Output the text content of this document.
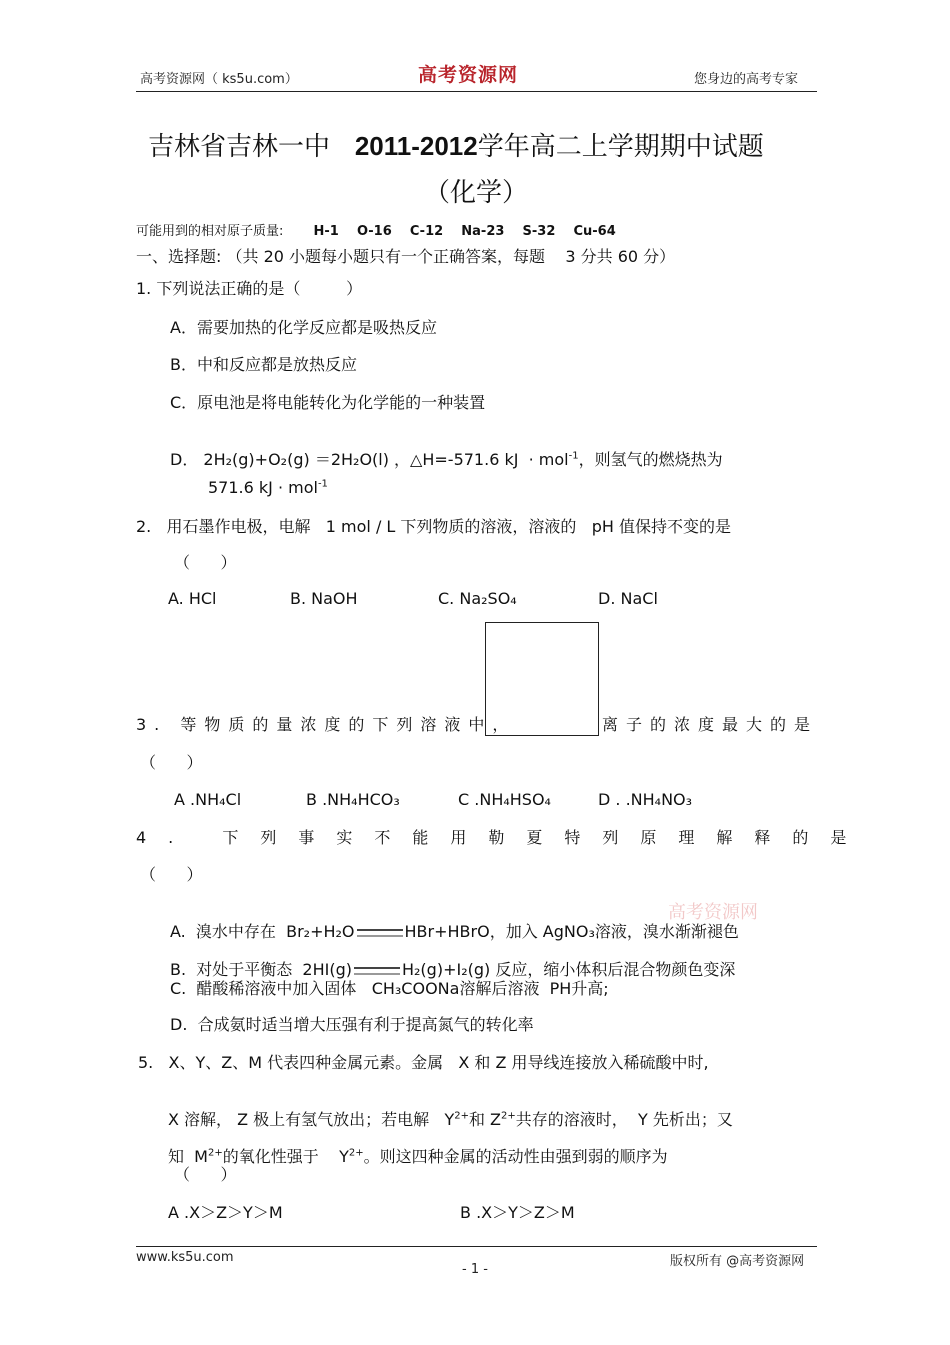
高考资源网（ ks5u.com）	高考资源网	您身边的高考专家
吉林省吉林一中 2011-2012学年高二上学期期中试题
（化学）
可能用到的相对原子质量: H-1    O-16    C-12    Na-23    S-32    Cu-64
一、选择题: （共 20 小题每小题只有一个正确答案，每题    3 分共 60 分）
1. 下列说法正确的是（         ）
A．需要加热的化学反应都是吸热反应
B．中和反应都是放热反应
C．原电池是将电能转化为化学能的一种装置

D． 2H₂(g)+O₂(g) ＝2H₂O(l) ，△H=-571.6 kJ  · mol$^{-1}$，则氢气的燃烧热为
571.6 kJ · mol$^{-1}$
2.   用石墨作电极，电解   1 mol / L 下列物质的溶液，溶液的   pH 值保持不变的是
（      ）
A. HCl	B. NaOH	C. Na₂SO₄	D. NaCl
3. 等物质的量浓度的下列溶液中，	离子的浓度最大的是
（      ）
A .NH₄Cl	B .NH₄HCO₃	C .NH₄HSO₄	D . .NH₄NO₃
4. 下列事实不能用勒夏特列原理解释的是
（      ）
高考资源网

A.  溴水中存在  Br₂+H₂O	HBr+HBrO，加入 AgNO₃溶液，溴水渐渐褪色

B.  对处于平衡态  2HI(g)	H₂(g)+I₂(g) 反应，缩小体积后混合物颜色变深
C.  醋酸稀溶液中加入固体   CH₃COONa溶解后溶液  PH升高;
D.  合成氨时适当增大压强有利于提高氮气的转化率
5.   X、Y、Z、M 代表四种金属元素。金属   X 和 Z 用导线连接放入稀硫酸中时,

X 溶解， Z 极上有氢气放出；若电解   $Y^{2+}$和 $Z^{2+}$共存的溶液时，  Y 先析出；又

知  $M^{2+}$的氧化性强于    $Y^{2+}$。则这四种金属的活动性由强到弱的顺序为
（      ）
A .X＞Z＞Y＞M	B .X＞Y＞Z＞M
www.ks5u.com	版权所有 @高考资源网
- 1 -
